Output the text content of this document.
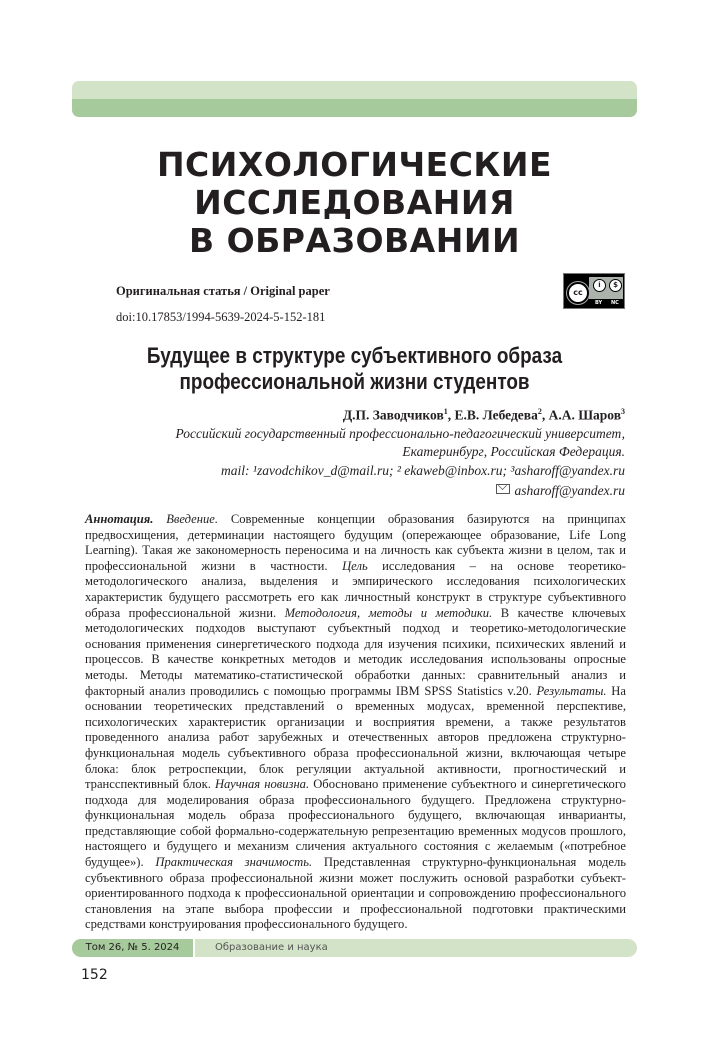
ПСИХОЛОГИЧЕСКИЕ
ИССЛЕДОВАНИЯ
В ОБРАЗОВАНИИ
Оригинальная статья / Original paper
doi:10.17853/1994-5639-2024-5-152-181
cc
i	$
BY NC
Будущее в структуре субъективного образа
профессиональной жизни студентов
Д.П. Заводчиков$^1$, Е.В. Лебедева$^2$, А.А. Шаров$^3$
Российский государственный профессионально-педагогический университет,
Екатеринбург, Российская Федерация.
mail: ¹zavodchikov_d@mail.ru; ² ekaweb@inbox.ru; ³asharoff@yandex.ru
asharoff@yandex.ru
Аннотация. Введение. Современные концепции образования базируются на принципах предвосхищения, детерминации настоящего будущим (опережающее образование, Life Long Learning). Такая же закономерность переносима и на личность как субъекта жизни в целом, так и профессиональной жизни в частности. Цель исследования – на основе теоретико-методологического анализа, выделения и эмпирического исследования психологических характеристик будущего рассмотреть его как личностный конструкт в структуре субъективного образа профессиональной жизни. Методология, методы и методики. В качестве ключевых методологических подходов выступают субъектный подход и теоретико-методологические основания применения синергетического подхода для изучения психики, психических явлений и процессов. В качестве конкретных методов и методик исследования использованы опросные методы. Методы математико-статистической обработки данных: сравнительный анализ и факторный анализ проводились с помощью программы IBM SPSS Statistics v.20. Результаты. На основании теоретических представлений о временных модусах, временной перспективе, психологических характеристик организации и восприятия времени, а также результатов проведенного анализа работ зарубежных и отечественных авторов предложена структурно-функциональная модель субъективного образа профессиональной жизни, включающая четыре блока: блок ретроспекции, блок регуляции актуальной активности, прогностический и трансспективный блок. Научная новизна. Обосновано применение субъектного и синергетического подхода для моделирования образа профессионального будущего. Предложена структурно-функциональная модель образа профессионального будущего, включающая инварианты, представляющие собой формально-содержательную репрезентацию временных модусов прошлого, настоящего и будущего и механизм сличения актуального состояния с желаемым («потребное будущее»). Практическая значимость. Представленная структурно-функциональная модель субъективного образа профессиональной жизни может послужить основой разработки субъект-ориентированного подхода к профессиональной ориентации и сопровождению профессионального становления на этапе выбора профессии и профессиональной подготовки практическими средствами конструирования профессионального будущего.
Том 26, № 5. 2024	Образование и наука
152
